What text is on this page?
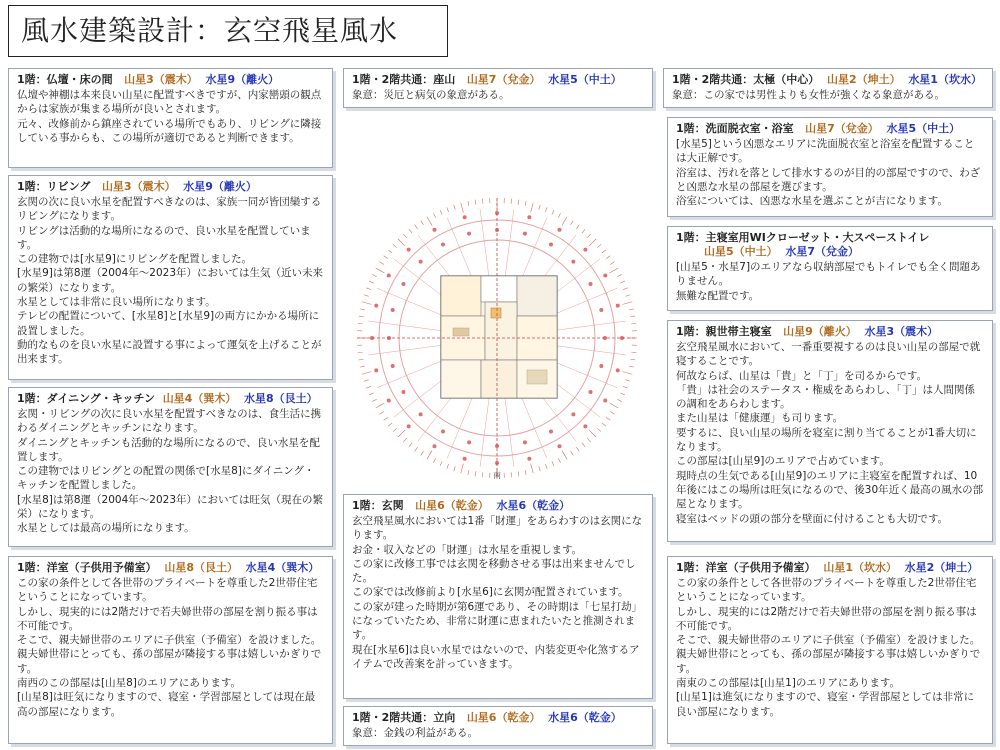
風水建築設計：玄空飛星風水
1階：仏壇・床の間 山星3（震木） 水星9（離火）
仏壇や神棚は本来良い山星に配置すべきですが、内家巒頭の観点からは家族が集まる場所が良いとされます。
元々、改修前から鎮座されている場所でもあり、リビングに隣接している事からも、この場所が適切であると判断できます。
1階：リビング 山星3（震木） 水星9（離火）
玄関の次に良い水星を配置すべきなのは、家族一同が皆団欒するリビングになります。
リビングは活動的な場所になるので、良い水星を配置しています。
この建物では[水星9]にリビングを配置しました。
[水星9]は第8運（2004年～2023年）においては生気（近い未来の繁栄）になります。
水星としては非常に良い場所になります。
テレビの配置について、[水星8]と[水星9]の両方にかかる場所に設置しました。
動的なものを良い水星に設置する事によって運気を上げることが出来ます。
1階：ダイニング・キッチン 山星4（巽木） 水星8（艮土）
玄関・リビングの次に良い水星を配置すべきなのは、食生活に携わるダイニングとキッチンになります。
ダイニングとキッチンも活動的な場所になるので、良い水星を配置します。
この建物ではリビングとの配置の関係で[水星8]にダイニング・キッチンを配置しました。
[水星8]は第8運（2004年～2023年）においては旺気（現在の繁栄）になります。
水星としては最高の場所になります。
1階：洋室（子供用予備室） 山星8（艮土） 水星4（巽木）
この家の条件として各世帯のプライベートを尊重した2世帯住宅ということになっています。
しかし、現実的には2階だけで若夫婦世帯の部屋を割り振る事は不可能です。
そこで、親夫婦世帯のエリアに子供室（予備室）を設けました。
親夫婦世帯にとっても、孫の部屋が隣接する事は嬉しいかぎりです。
南西のこの部屋は[山星8]のエリアにあります。
[山星8]は旺気になりますので、寝室・学習部屋としては現在最高の部屋になります。
1階・2階共通：座山 山星7（兌金） 水星5（中土）
象意：災厄と病気の象意がある。
南
1階：玄関 山星6（乾金） 水星6（乾金）
玄空飛星風水においては1番「財運」をあらわすのは玄関になります。
お金・収入などの「財運」は水星を重視します。
この家に改修工事では玄関を移動させる事は出来ませんでした。
この家では改修前より[水星6]に玄関が配置されています。
この家が建った時期が第6運であり、その時期は「七星打劫」になっていたため、非常に財運に恵まれたいたと推測されます。
現在[水星6]は良い水星ではないので、内装変更や化煞するアイテムで改善案を計っていきます。
1階・2階共通：立向 山星6（乾金） 水星6（乾金）
象意：金銭の利益がある。
1階・2階共通：太極（中心） 山星2（坤土） 水星1（坎水）
象意：この家では男性よりも女性が強くなる象意がある。
1階：洗面脱衣室・浴室 山星7（兌金） 水星5（中土）
[水星5]という凶悪なエリアに洗面脱衣室と浴室を配置することは大正解です。
浴室は、汚れを落として排水するのが目的の部屋ですので、わざと凶悪な水星の部屋を選びます。
浴室については、凶悪な水星を選ぶことが吉になります。
1階：主寝室用WIクローゼット・大スペーストイレ
山星5（中土） 水星7（兌金）
[山星5・水星7]のエリアなら収納部屋でもトイレでも全く問題ありません。
無難な配置です。
1階：親世帯主寝室 山星9（離火） 水星3（震木）
玄空飛星風水において、一番重要視するのは良い山星の部屋で就寝することです。
何故ならば、山星は「貴」と「丁」を司るからです。
「貴」は社会のステータス・権威をあらわし、「丁」は人間関係の調和をあらわします。
また山星は「健康運」も司ります。
要するに、良い山星の場所を寝室に割り当てることが1番大切になります。
この部屋は[山星9]のエリアで占めています。
現時点の生気である[山星9]のエリアに主寝室を配置すれば、10年後にはこの場所は旺気になるので、後30年近く最高の風水の部屋となります。
寝室はベッドの頭の部分を壁面に付けることも大切です。
1階：洋室（子供用予備室） 山星1（坎水） 水星2（坤土）
この家の条件として各世帯のプライベートを尊重した2世帯住宅ということになっています。
しかし、現実的には2階だけで若夫婦世帯の部屋を割り振る事は不可能です。
そこで、親夫婦世帯のエリアに子供室（予備室）を設けました。
親夫婦世帯にとっても、孫の部屋が隣接する事は嬉しいかぎりです。
南東のこの部屋は[山星1]のエリアにあります。
[山星1]は進気になりますので、寝室・学習部屋としては非常に良い部屋になります。
